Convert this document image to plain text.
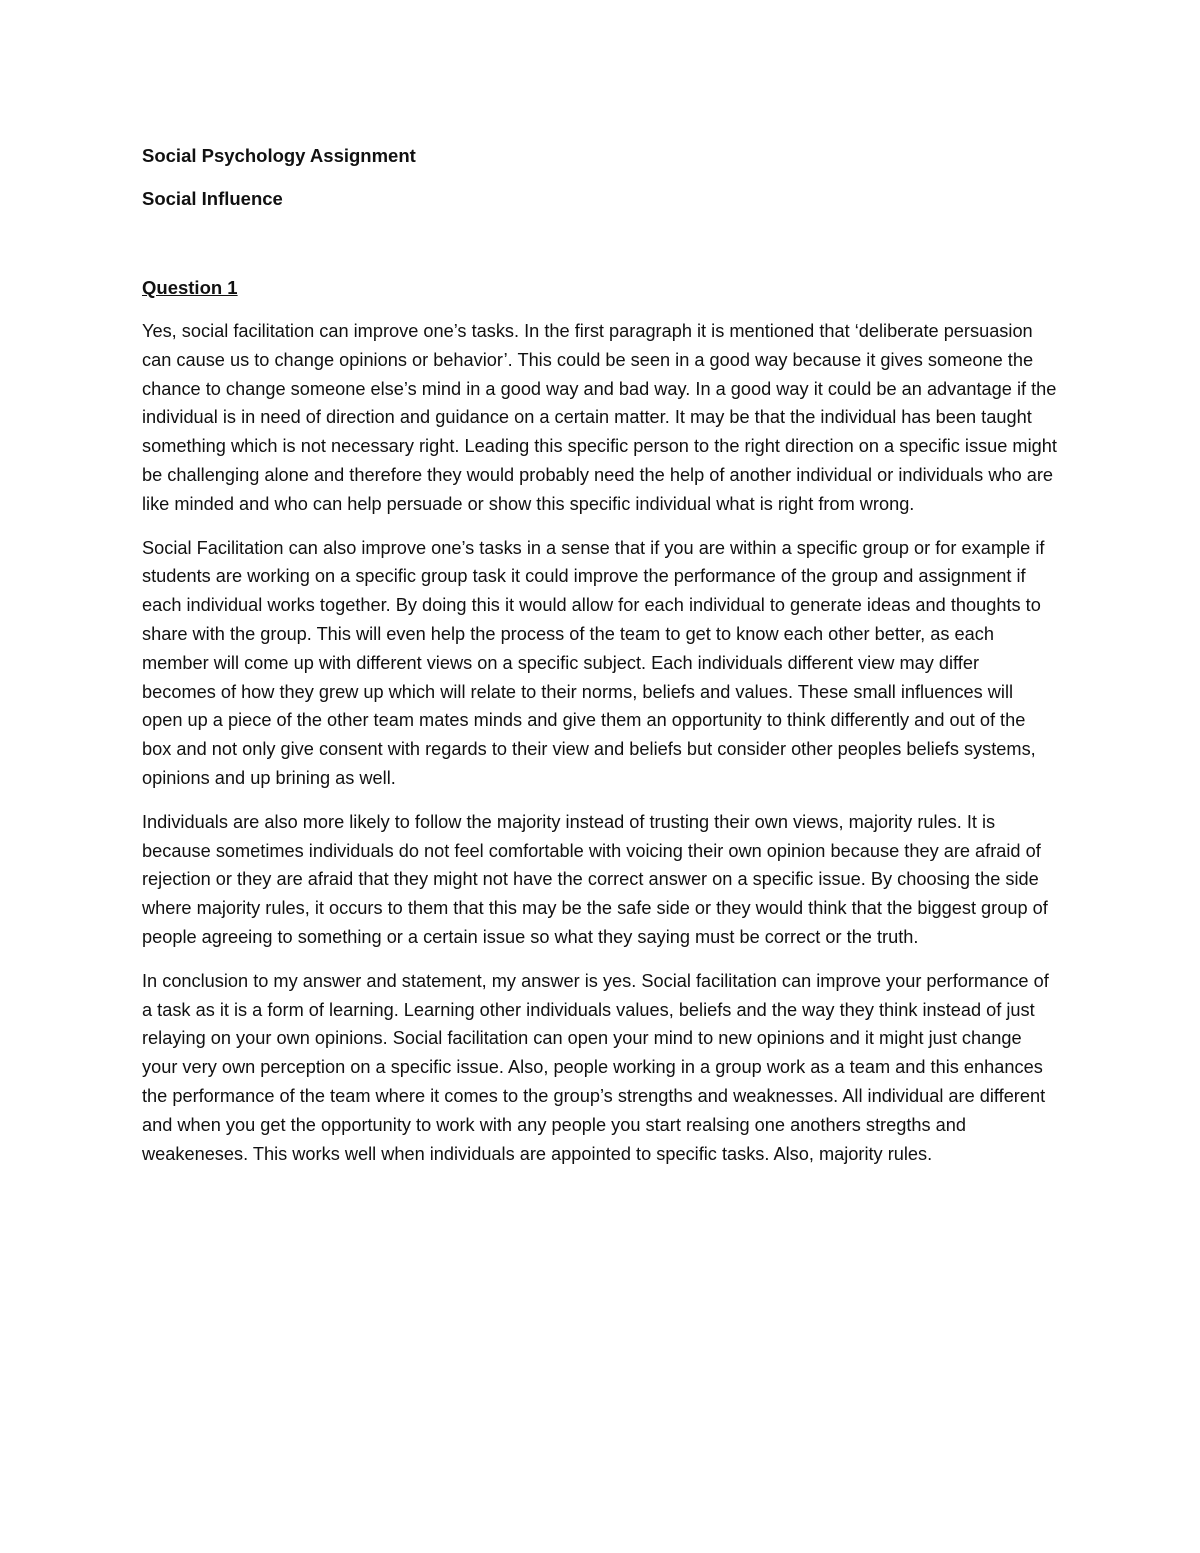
Social Psychology Assignment
Social Influence
Question 1

Yes, social facilitation can improve one’s tasks. In the first paragraph it is mentioned that ‘deliberate persuasion can cause us to change opinions or behavior’. This could be seen in a good way because it gives someone the chance to change someone else’s mind in a good way and bad way. In a good way it could be an advantage if the individual is in need of direction and guidance on a certain matter. It may be that the individual has been taught something which is not necessary right. Leading this specific person to the right direction on a specific issue might be challenging alone and therefore they would probably need the help of another individual or individuals who are like minded and who can help persuade or show this specific individual what is right from wrong.

Social Facilitation can also improve one’s tasks in a sense that if you are within a specific group or for example if students are working on a specific group task it could improve the performance of the group and assignment if each individual works together. By doing this it would allow for each individual to generate ideas and thoughts to share with the group. This will even help the process of the team to get to know each other better, as each member will come up with different views on a specific subject. Each individuals different view may differ becomes of how they grew up which will relate to their norms, beliefs and values. These small influences will open up a piece of the other team mates minds and give them an opportunity to think differently and out of the box and not only give consent with regards to their view and beliefs but consider other peoples beliefs systems, opinions and up brining as well.

Individuals are also more likely to follow the majority instead of trusting their own views, majority rules. It is because sometimes individuals do not feel comfortable with voicing their own opinion because they are afraid of rejection or they are afraid that they might not have the correct answer on a specific issue. By choosing the side where majority rules, it occurs to them that this may be the safe side or they would think that the biggest group of people agreeing to something or a certain issue so what they saying must be correct or the truth.

In conclusion to my answer and statement, my answer is yes. Social facilitation can improve your performance of a task as it is a form of learning. Learning other individuals values, beliefs and the way they think instead of just relaying on your own opinions. Social facilitation can open your mind to new opinions and it might just change your very own perception on a specific issue. Also, people working in a group work as a team and this enhances the performance of the team where it comes to the group’s strengths and weaknesses. All individual are different and when you get the opportunity to work with any people you start realsing one anothers stregths and weakeneses. This works well when individuals are appointed to specific tasks. Also, majority rules.
